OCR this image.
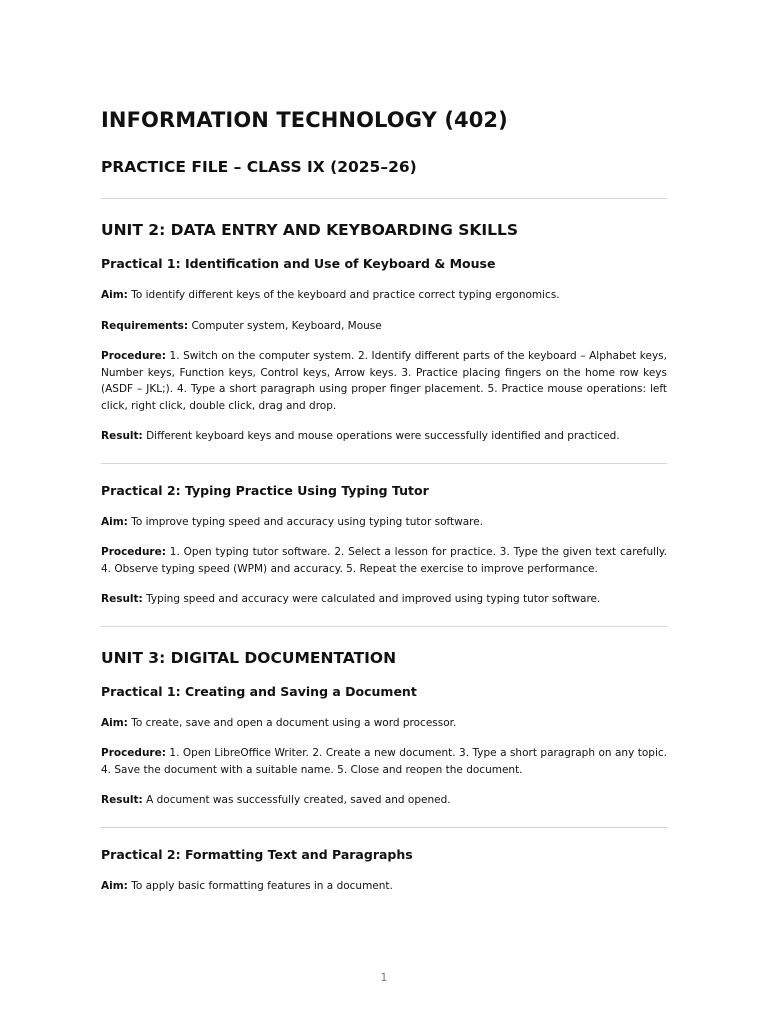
INFORMATION TECHNOLOGY (402)
PRACTICE FILE – CLASS IX (2025–26)
UNIT 2: DATA ENTRY AND KEYBOARDING SKILLS
Practical 1: Identification and Use of Keyboard & Mouse

Aim: To identify different keys of the keyboard and practice correct typing ergonomics.

Requirements: Computer system, Keyboard, Mouse

Procedure: 1. Switch on the computer system. 2. Identify different parts of the keyboard – Alphabet keys, Number keys, Function keys, Control keys, Arrow keys. 3. Practice placing fingers on the home row keys (ASDF – JKL;). 4. Type a short paragraph using proper finger placement. 5. Practice mouse operations: left click, right click, double click, drag and drop.

Result: Different keyboard keys and mouse operations were successfully identified and practiced.

Practical 2: Typing Practice Using Typing Tutor

Aim: To improve typing speed and accuracy using typing tutor software.

Procedure: 1. Open typing tutor software. 2. Select a lesson for practice. 3. Type the given text carefully. 4. Observe typing speed (WPM) and accuracy. 5. Repeat the exercise to improve performance.

Result: Typing speed and accuracy were calculated and improved using typing tutor software.

UNIT 3: DIGITAL DOCUMENTATION
Practical 1: Creating and Saving a Document

Aim: To create, save and open a document using a word processor.

Procedure: 1. Open LibreOffice Writer. 2. Create a new document. 3. Type a short paragraph on any topic. 4. Save the document with a suitable name. 5. Close and reopen the document.

Result: A document was successfully created, saved and opened.

Practical 2: Formatting Text and Paragraphs

Aim: To apply basic formatting features in a document.

1
